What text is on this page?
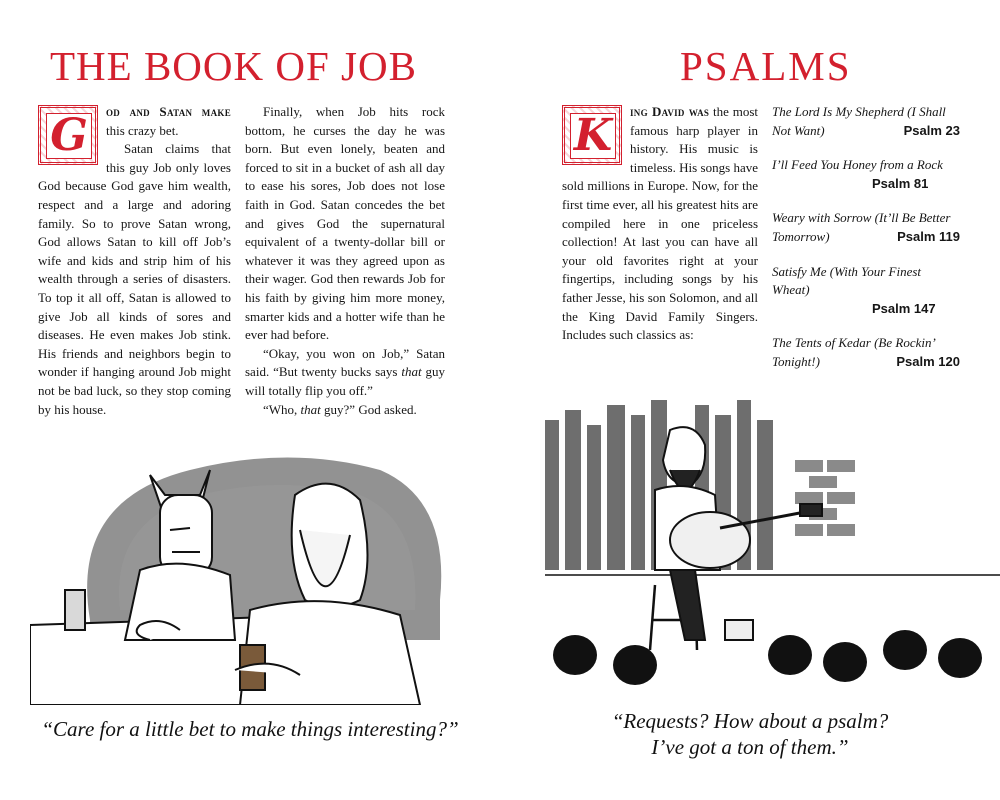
THE BOOK OF JOB
G	od and Satan make this crazy bet.

Satan claims that this guy Job only loves God because God gave him wealth, respect and a large and adoring family. So to prove Satan wrong, God allows Satan to kill off Job’s wife and kids and strip him of his wealth through a series of disasters. To top it all off, Satan is allowed to give Job all kinds of sores and diseases. He even makes Job stink. His friends and neighbors begin to wonder if hanging around Job might not be bad luck, so they stop coming by his house.

Finally, when Job hits rock bottom, he curses the day he was born. But even lonely, beaten and forced to sit in a bucket of ash all day to ease his sores, Job does not lose faith in God. Satan concedes the bet and gives God the supernatural equivalent of a twenty-dollar bill or whatever it was they agreed upon as their wager. God then rewards Job for his faith by giving him more money, smarter kids and a hotter wife than he ever had before.

“Okay, you won on Job,” Satan said. “But twenty bucks says that guy will totally flip you off.”

“Who, that guy?” God asked.

“Care for a little bet to make things interesting?”
PSALMS
K	ing David was the most famous harp player in history. His music is timeless. His songs have sold millions in Europe. Now, for the first time ever, all his greatest hits are compiled here in one priceless collection! At last you can have all your old favorites right at your fingertips, including songs by his father Jesse, his son Solomon, and all the King David Family Singers. Includes such classics as:

The Lord Is My Shepherd (I Shall Not Want)	Psalm 23
I’ll Feed You Honey from a Rock
Psalm 81
Weary with Sorrow (It’ll Be Better Tomorrow)	Psalm 119
Satisfy Me (With Your Finest Wheat)
Psalm 147
The Tents of Kedar (Be Rockin’ Tonight!)	Psalm 120
“Requests? How about a psalm?
I’ve got a ton of them.”
